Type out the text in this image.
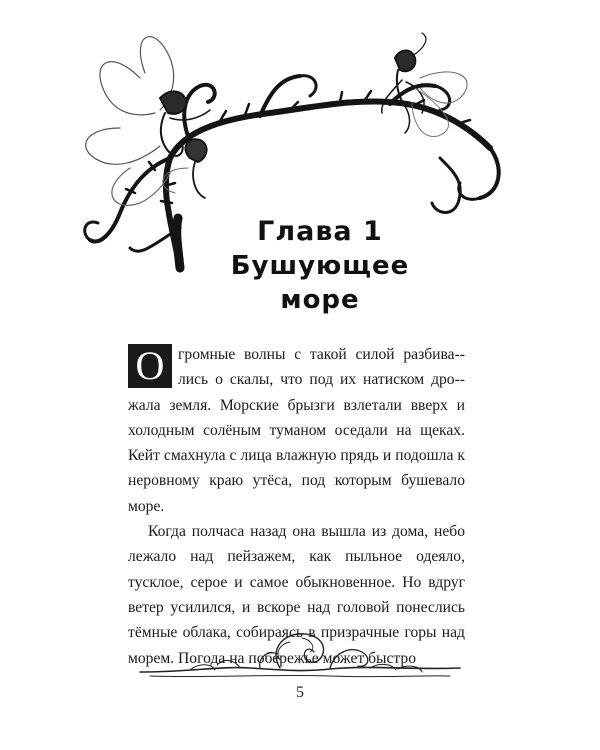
Глава 1
Бушующее море

О громные волны с такой силой разбива-лись о скалы, что под их натиском дро-жала земля. Морские брызги взлетали вверх и холодным солёным туманом оседали на щеках. Кейт смахнула с лица влажную прядь и подошла к неровному краю утёса, под которым бушевало море.

Когда полчаса назад она вышла из дома, небо лежало над пейзажем, как пыльное одеяло, тусклое, серое и самое обыкновенное. Но вдруг ветер усилился, и вскоре над головой понеслись тёмные облака, собираясь в призрачные горы над морем. Погода на побережье может быстро

5
